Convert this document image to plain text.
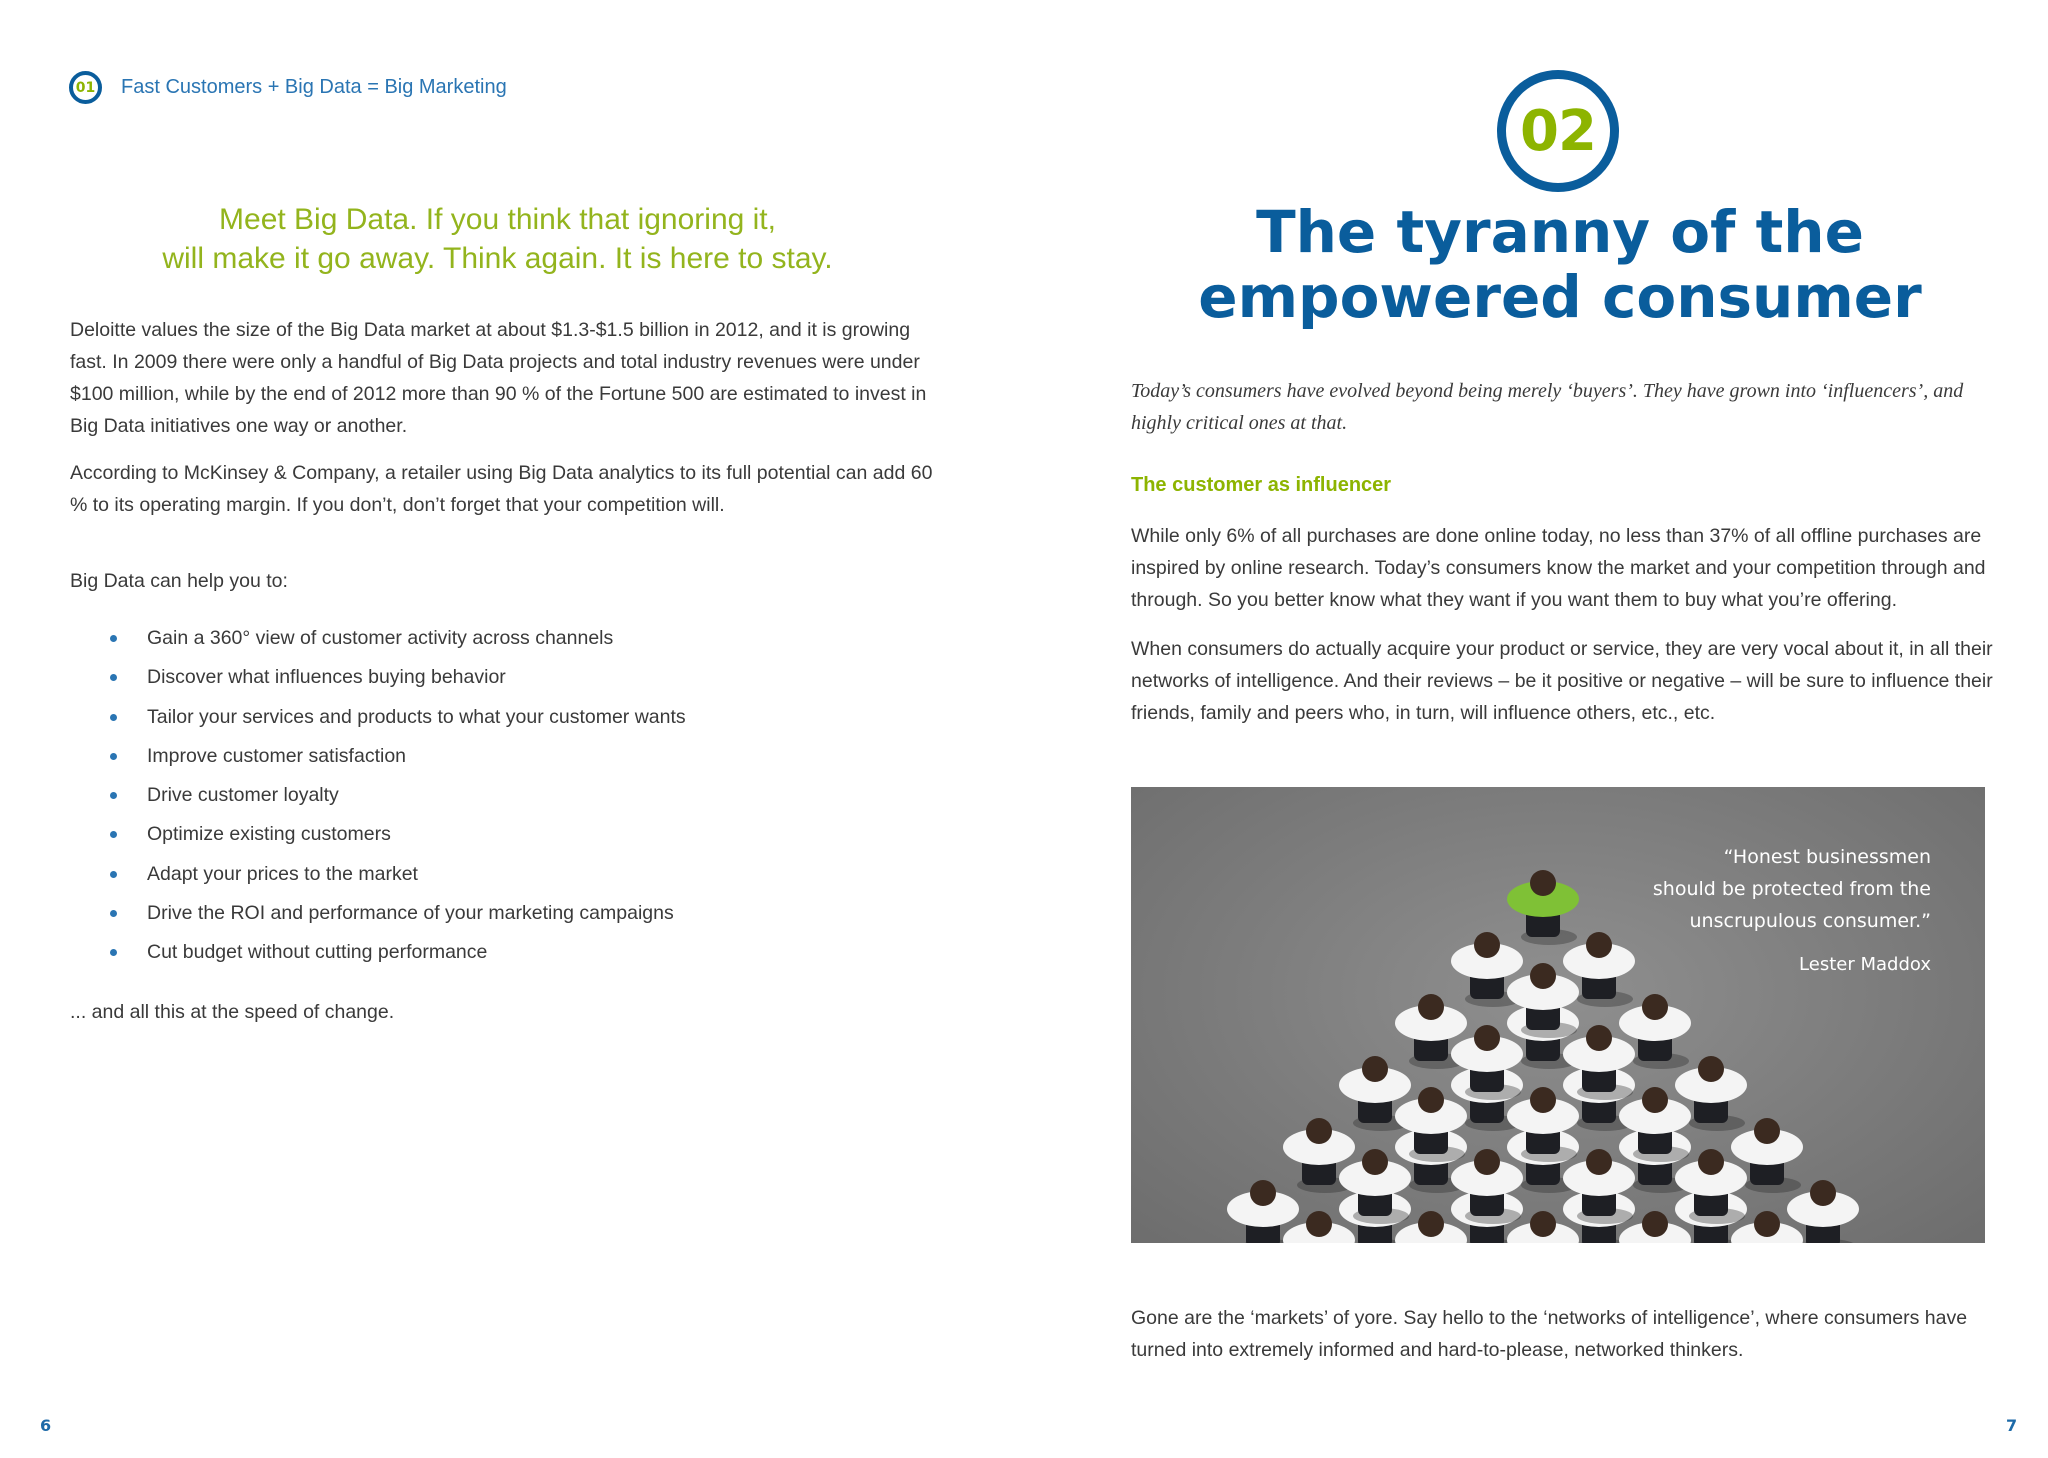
01	Fast Customers + Big Data = Big Marketing
Meet Big Data. If you think that ignoring it,
will make it go away. Think again. It is here to stay.

Deloitte values the size of the Big Data market at about $1.3-$1.5 billion in 2012, and it is growing fast. In 2009 there were only a handful of Big Data projects and total industry revenues were under $100 million, while by the end of 2012 more than 90 % of the Fortune 500 are estimated to invest in Big Data initiatives one way or another.

According to McKinsey & Company, a retailer using Big Data analytics to its full potential can add 60 % to its operating margin. If you don’t, don’t forget that your competition will.

Big Data can help you to:
Gain a 360° view of customer activity across channels
Discover what influences buying behavior
Tailor your services and products to what your customer wants
Improve customer satisfaction
Drive customer loyalty
Optimize existing customers
Adapt your prices to the market
Drive the ROI and performance of your marketing campaigns
Cut budget without cutting performance
... and all this at the speed of change.
6
02
The tyranny of the
empowered consumer
Today’s consumers have evolved beyond being merely ‘buyers’. They have grown into ‘influencers’, and highly critical ones at that.
The customer as influencer

While only 6% of all purchases are done online today, no less than 37% of all offline purchases are inspired by online research. Today’s consumers know the market and your competition through and through. So you better know what they want if you want them to buy what you’re offering.

When consumers do actually acquire your product or service, they are very vocal about it, in all their networks of intelligence. And their reviews – be it positive or negative – will be sure to influence their friends, family and peers who, in turn, will influence others, etc., etc.

“Honest businessmen
should be protected from the
unscrupulous consumer.”
Lester Maddox
Gone are the ‘markets’ of yore. Say hello to the ‘networks of intelligence’, where consumers have turned into extremely informed and hard-to-please, networked thinkers.
7
